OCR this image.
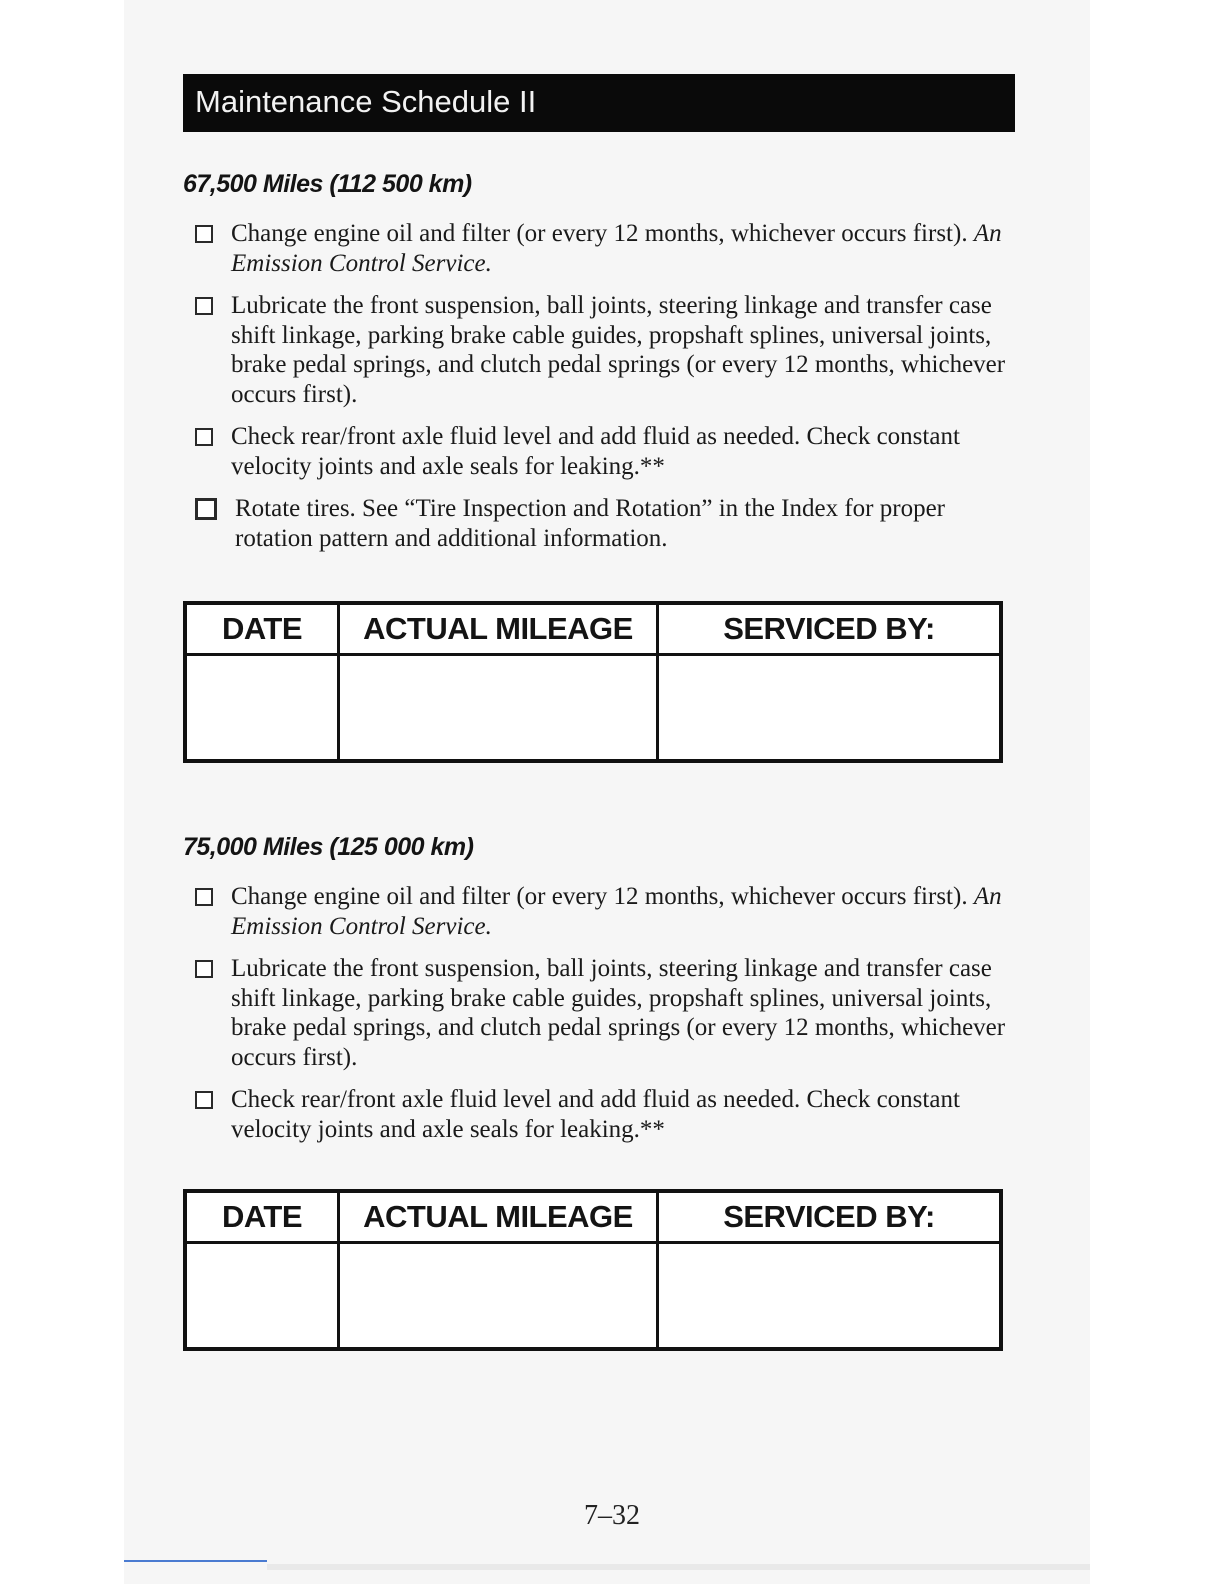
Maintenance Schedule II
67,500 Miles (112 500 km)
Change engine oil and filter (or every 12 months, whichever occurs first). An Emission Control Service.
Lubricate the front suspension, ball joints, steering linkage and transfer case shift linkage, parking brake cable guides, propshaft splines, universal joints, brake pedal springs, and clutch pedal springs (or every 12 months, whichever occurs first).
Check rear/front axle fluid level and add fluid as needed. Check constant velocity joints and axle seals for leaking.**
Rotate tires. See “Tire Inspection and Rotation” in the Index for proper rotation pattern and additional information.
DATE	ACTUAL MILEAGE	SERVICED BY:

75,000 Miles (125 000 km)
Change engine oil and filter (or every 12 months, whichever occurs first). An Emission Control Service.
Lubricate the front suspension, ball joints, steering linkage and transfer case shift linkage, parking brake cable guides, propshaft splines, universal joints, brake pedal springs, and clutch pedal springs (or every 12 months, whichever occurs first).
Check rear/front axle fluid level and add fluid as needed. Check constant velocity joints and axle seals for leaking.**
DATE	ACTUAL MILEAGE	SERVICED BY:

7–32
